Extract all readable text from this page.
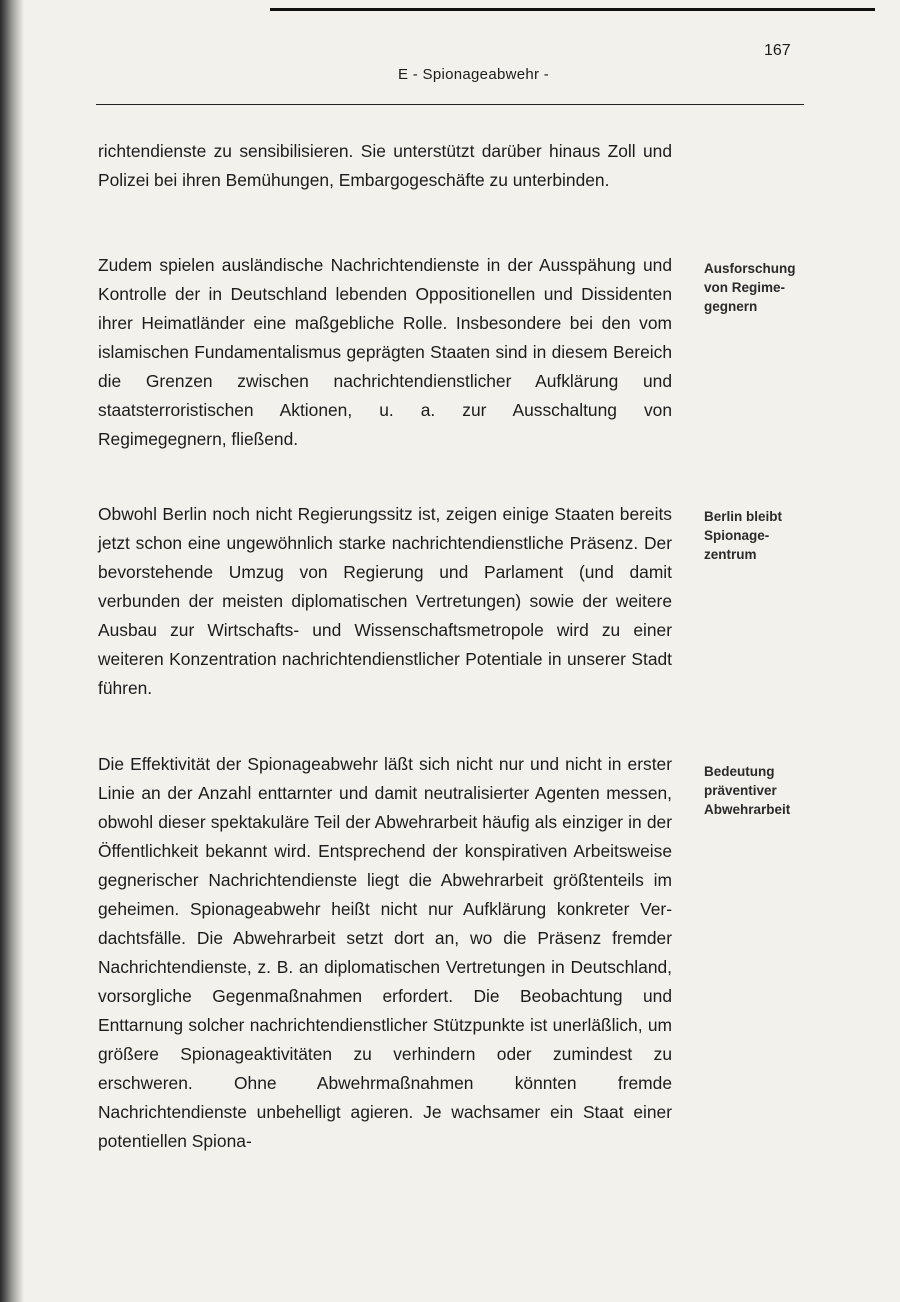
167
E - Spionageabwehr -
richtendienste zu sensibilisieren. Sie unterstützt darüber hinaus Zoll und Polizei bei ihren Bemühungen, Embargogeschäfte zu unterbinden.
Zudem spielen ausländische Nachrichtendienste in der Ausspähung und Kontrolle der in Deutschland lebenden Oppositionellen und Dissidenten ihrer Heimatländer eine maßgebliche Rolle. Insbesondere bei den vom islamischen Fundamentalismus geprägten Staaten sind in diesem Bereich die Grenzen zwischen nachrichtendienstlicher Aufklärung und staatsterroristischen Aktionen, u. a. zur Ausschaltung von Regimegegnern, fließend.
Obwohl Berlin noch nicht Regierungssitz ist, zeigen einige Staaten bereits jetzt schon eine ungewöhnlich starke nachrichtendienstliche Präsenz. Der bevorstehende Umzug von Regierung und Parlament (und damit verbunden der meisten diplomatischen Vertretungen) sowie der weitere Ausbau zur Wirtschafts- und Wissenschaftsmetropole wird zu einer weiteren Konzentration nachrichtendienstlicher Potentiale in unserer Stadt führen.
Die Effektivität der Spionageabwehr läßt sich nicht nur und nicht in erster Linie an der Anzahl enttarnter und damit neutralisierter Agenten messen, obwohl dieser spektakuläre Teil der Abwehrarbeit häufig als einziger in der Öffentlichkeit bekannt wird. Entsprechend der konspirativen Arbeitsweise gegnerischer Nachrichtendienste liegt die Abwehrarbeit größtenteils im geheimen. Spionageabwehr heißt nicht nur Aufklärung konkreter Verdachtsfälle. Die Abwehrarbeit setzt dort an, wo die Präsenz fremder Nachrichtendienste, z. B. an diplomatischen Vertretungen in Deutschland, vorsorgliche Gegenmaßnahmen erfordert. Die Beobachtung und Enttarnung solcher nachrichtendienstlicher Stützpunkte ist unerläßlich, um größere Spionageaktivitäten zu verhindern oder zumindest zu erschweren. Ohne Abwehrmaßnahmen könnten fremde Nachrichtendienste unbehelligt agieren. Je wachsamer ein Staat einer potentiellen Spiona-
Ausforschung
von Regime-
gegnern
Berlin bleibt
Spionage-
zentrum
Bedeutung
präventiver
Abwehrarbeit
